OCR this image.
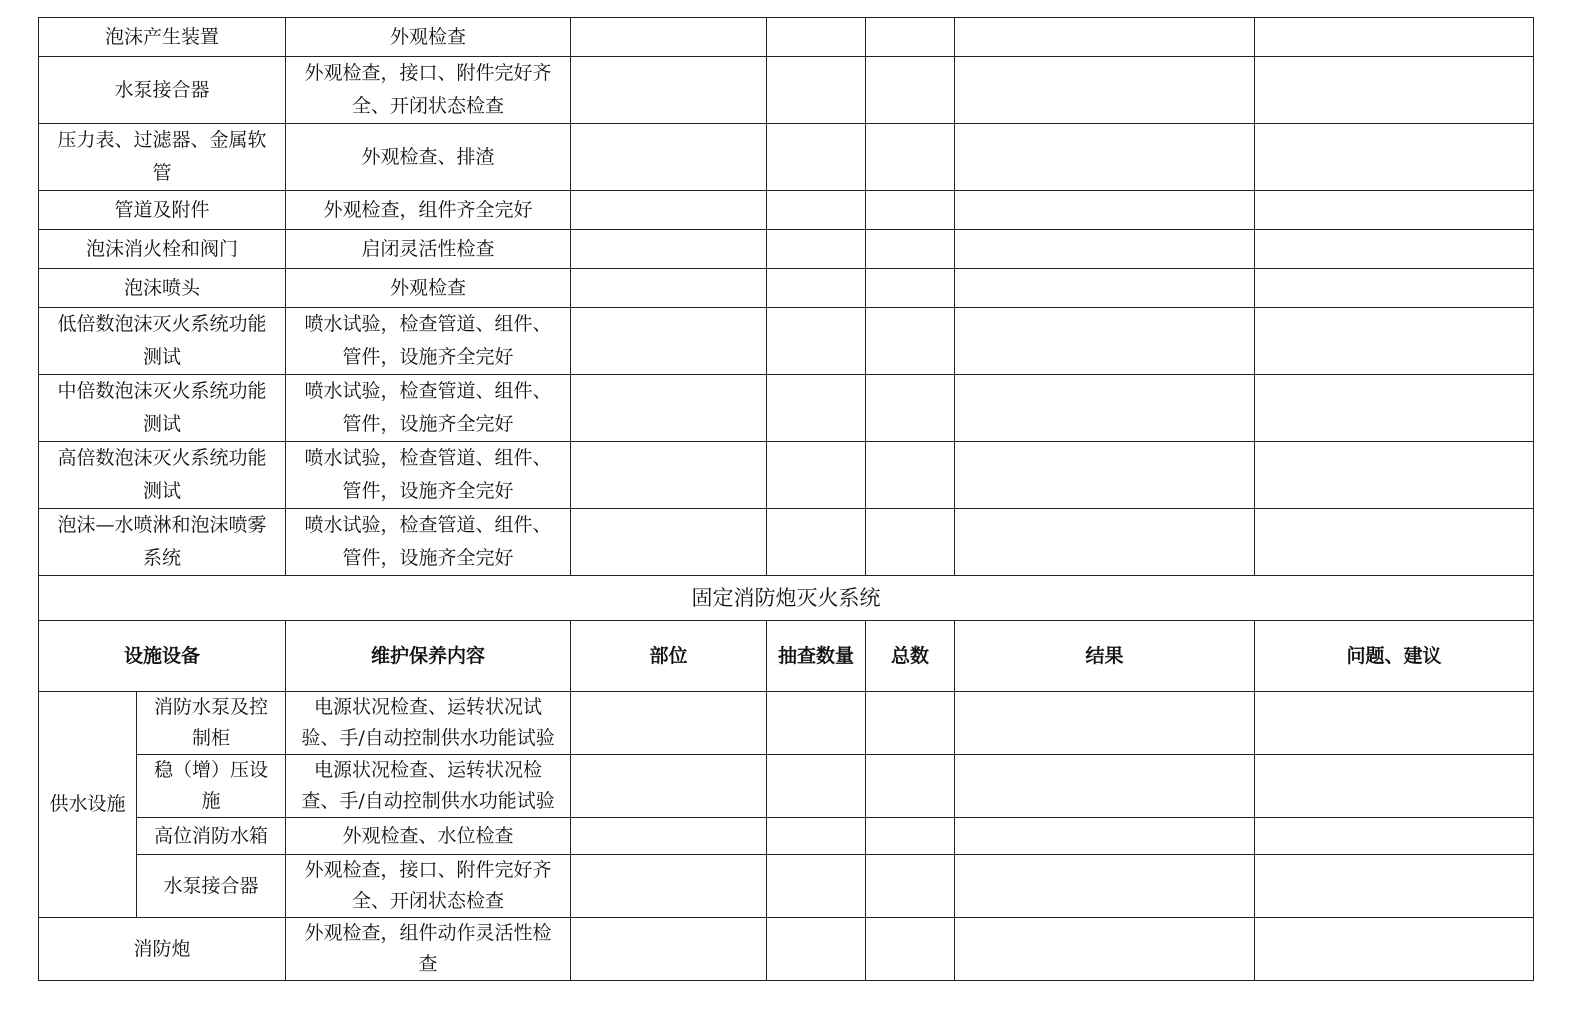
泡沫产生装置		外观检查					
水泵接合器		外观检查，接口、附件完好齐全、开闭状态检查					
压力表、过滤器、金属软管		外观检查、排渣					
管道及附件		外观检查，组件齐全完好					
泡沫消火栓和阀门		启闭灵活性检查					
泡沫喷头		外观检查					
低倍数泡沫灭火系统功能测试		喷水试验，检查管道、组件、管件，设施齐全完好					
中倍数泡沫灭火系统功能测试		喷水试验，检查管道、组件、管件，设施齐全完好					
高倍数泡沫灭火系统功能测试		喷水试验，检查管道、组件、管件，设施齐全完好					
泡沫—水喷淋和泡沫喷雾系统		喷水试验，检查管道、组件、管件，设施齐全完好					
固定消防炮灭火系统							
设施设备		维护保养内容	部位	抽查数量	总数	结果	问题、建议
供水设施	消防水泵及控制柜	电源状况检查、运转状况试验、手/自动控制供水功能试验					
	稳（增）压设施	电源状况检查、运转状况检查、手/自动控制供水功能试验					
	高位消防水箱	外观检查、水位检查					
	水泵接合器	外观检查，接口、附件完好齐全、开闭状态检查					
消防炮		外观检查，组件动作灵活性检查					
